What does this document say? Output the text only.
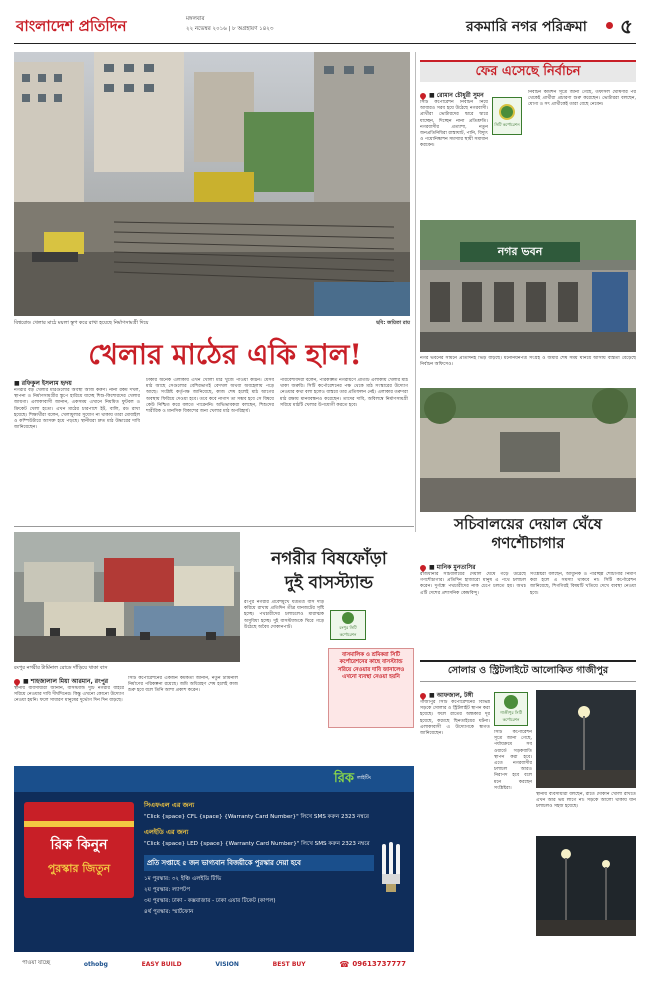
বাংলাদেশ প্রতিদিন	মঙ্গলবার
২২ নভেম্বর ২০১৬ | ৮ অগ্রহায়ণ ১৪২৩	রকমারি নগর পরিক্রমা ৫
বিশ্বরোড খেলার মাঠে ময়লা স্তূপ করে রাখা হয়েছে নির্মাণসামগ্রী দিয়ে	ছবি: জয়িতা রায়
খেলার মাঠের একি হাল!
■ রফিকুল ইসলাম হৃদয়
নগরীর বড় খেলার মাঠগুলোর অবস্থা আজ করুণ। নানা রকম দখল, স্থাপনা ও নির্মাণসামগ্রীর স্তূপে হারিয়ে যাচ্ছে শিশু-কিশোরদের খেলার জায়গা। এলাকাবাসী জানান, একসময় এখানে নিয়মিত ফুটবল ও ক্রিকেট খেলা হতো। এখন মাঠের চারপাশে ইট, বালি, রড রাখা হয়েছে। শিক্ষার্থীরা বলেন, খেলাধুলার সুযোগ না থাকায় তারা মোবাইল ও কম্পিউটারে আসক্ত হয়ে পড়ছে। স্থানীয়রা দ্রুত মাঠ উদ্ধারের দাবি জানিয়েছেন।
ঢাকার অনেক এলাকায় এখন খোলা মাঠ খুঁজে পাওয়া কঠিন। যেসব মাঠ আছে সেগুলোর বেশিরভাগই বেদখল অথবা অবহেলায় পড়ে আছে। সংশ্লিষ্ট কর্তৃপক্ষ জানিয়েছে, কাজ শেষ হলেই মাঠ আগের অবস্থায় ফিরিয়ে দেওয়া হবে। তবে কবে নাগাদ তা সম্ভব হবে সে বিষয়ে কেউ নিশ্চিত করে বলতে পারেননি। অভিভাবকরা বলছেন, শিশুদের শারীরিক ও মানসিক বিকাশের জন্য খেলার মাঠ অপরিহার্য।
পরিবেশবিদরা বলেন, পরিকল্পিত নগরায়ণে প্রতিটি এলাকায় খেলার মাঠ থাকা জরুরি। সিটি কর্পোরেশনের পক্ষ থেকে মাঠ সংস্কারের উদ্যোগ নেওয়ার কথা বলা হলেও বাস্তবে তার প্রতিফলন নেই। এলাকার তরুণরা মাঠ রক্ষায় মানববন্ধনও করেছেন। তাদের দাবি, অবিলম্বে নির্মাণসামগ্রী সরিয়ে মাঠটি খেলার উপযোগী করতে হবে।
ফের এসেছে নির্বাচন
■ রোমান চৌধুরী সুমন
সিটি কর্পোরেশন
সিটি কর্পোরেশন নির্বাচন নিয়ে আবারও সরব হয়ে উঠেছে নগরবাসী। প্রার্থীরা ভোটারদের দ্বারে দ্বারে যাচ্ছেন, দিচ্ছেন নানা প্রতিশ্রুতি। নগরবাসীর প্রত্যাশা, নতুন জনপ্রতিনিধিরা রাস্তাঘাট, পানি, বিদ্যুৎ ও পয়োনিষ্কাশন সমস্যার স্থায়ী সমাধান করবেন।
নির্বাচন কমিশন সূত্রে জানা গেছে, তফসিল ঘোষণার পর থেকেই প্রার্থীরা প্রচারণা শুরু করেছেন। ভোটাররা বলছেন, যোগ্য ও সৎ প্রার্থীকেই তারা বেছে নেবেন।
নগর ভবন
নগর ভবনের সামনে প্রতিদিনই ভিড় বাড়ছে। মনোনয়নপত্র সংগ্রহ ও জমার শেষ সময় ঘনিয়ে আসায় ব্যস্ততা বেড়েছে নির্বাচন অফিসেও।
সচিবালয়ের দেয়াল ঘেঁষে
গণশৌচাগার
নগরীর বিষফোঁড়া
দুই বাসস্ট্যান্ড
রংপুর নগরীর প্রবেশমুখে যত্রতত্র বাস দাঁড় করিয়ে রাখায় প্রতিদিন তীব্র যানজটের সৃষ্টি হচ্ছে। পথচারীদের চলাচলেও মারাত্মক অসুবিধা হচ্ছে। দুই বাসস্ট্যান্ডকে ঘিরে গড়ে উঠেছে অবৈধ দোকানপাট।	রংপুর সিটি কর্পোরেশন
বাসমালিক ও শ্রমিকরা সিটি কর্পোরেশনের কাছে বাসস্ট্যান্ড সরিয়ে নেওয়ার দাবি জানালেও এখনো ব্যবস্থা নেওয়া হয়নি
রংপুর নগরীর টার্মিনাল রোডে দাঁড়িয়ে থাকা বাস
■ শাহজালাল মিয়া আরমান, রংপুর
স্থানীয় ব্যবসায়ীরা জানান, বাসস্ট্যান্ড দুটি নগরীর বাইরে সরিয়ে নেওয়ার দাবি দীর্ঘদিনের। কিন্তু এখনো কোনো উদ্যোগ নেওয়া হয়নি। ফলে সাধারণ মানুষের দুর্ভোগ দিন দিন বাড়ছে।
সিটি কর্পোরেশনের একজন কর্মকর্তা জানান, নতুন টার্মিনাল নির্মাণের পরিকল্পনা রয়েছে। জমি অধিগ্রহণ শেষ হলেই কাজ শুরু হবে বলে তিনি আশা প্রকাশ করেন।
■ মানিক মুনতাসির
রাজধানীর সচিবালয়ের দেয়াল ঘেঁষে গড়ে উঠেছে গণশৌচাগার। প্রতিদিন হাজারো মানুষ এ পথে চলাচল করেন। দুর্গন্ধে পথচারীদের নাক চেপে চলতে হয়। অথচ এটি দেশের প্রশাসনিক কেন্দ্রবিন্দু।
সংশ্লিষ্টরা বলছেন, আধুনিক ও পরিচ্ছন্ন শৌচাগার নির্মাণ করা হলে এ সমস্যা থাকবে না। সিটি কর্পোরেশন জানিয়েছে, শিগগিরই বিষয়টি খতিয়ে দেখে ব্যবস্থা নেওয়া হবে।
সোলার ও স্ট্রিটলাইটে আলোকিত গাজীপুর
■ আফজাল, টঙ্গী
গাজীপুর সিটি কর্পোরেশনের বিভিন্ন সড়কে সোলার ও স্ট্রিটলাইট স্থাপন করা হয়েছে। ফলে রাতের অন্ধকার দূর হয়েছে, কমেছে ছিনতাইয়ের ঘটনা। এলাকাবাসী এ উদ্যোগকে স্বাগত জানিয়েছেন।
গাজীপুর সিটি কর্পোরেশন
সিটি কর্পোরেশন সূত্রে জানা গেছে, পর্যায়ক্রমে সব ওয়ার্ডে সড়কবাতি স্থাপন করা হবে। এতে নগরবাসীর চলাচল আরও নিরাপদ হবে বলে মনে করছেন সংশ্লিষ্টরা।
স্থানীয় ব্যবসায়ীরা বলছেন, রাতে দোকান খোলা রাখতে এখন আর ভয় লাগে না। সড়কে আলো থাকায় যান চলাচলও সহজ হয়েছে।
রিক লাইটিং
রিক কিনুন
পুরস্কার জিতুন
সিএফএল এর জন্য
"Click {space} CFL {space} {Warranty Card Number}" লিখে SMS করুন 2323 নম্বরে
এলইডি এর জন্য
"Click {space} LED {space} {Warranty Card Number}" লিখে SMS করুন 2323 নম্বরে
প্রতি সপ্তাহে ৫ জন ভাগ্যবান বিজয়ীকে পুরস্কার দেয়া হবে
১ম পুরস্কার: ৩২ ইঞ্চি এলইডি টিভি
২য় পুরস্কার: ল্যাপটপ
৩য় পুরস্কার: ঢাকা - কক্সবাজার - ঢাকা এয়ার টিকেট (কাপল)
৪র্থ পুরস্কার: স্মার্টফোন
পাওয়া যাচ্ছে	othobg	EASY BUILD	VISION	BEST BUY	☎ 09613737777
